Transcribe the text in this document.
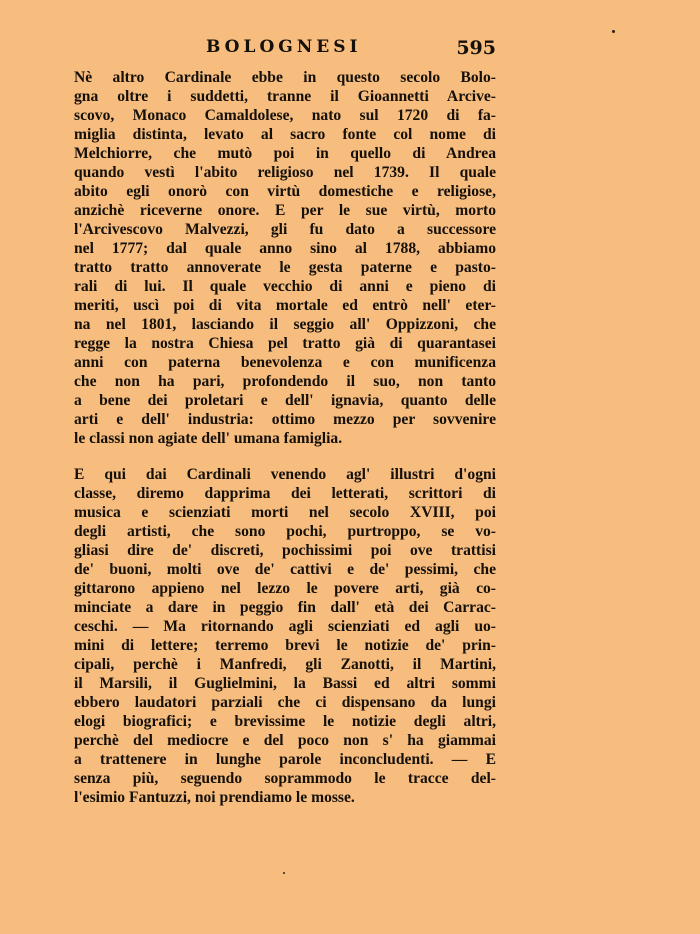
BOLOGNESI	595

Nè altro Cardinale ebbe in questo secolo Bolo-
gna oltre i suddetti, tranne il Gioannetti Arcive-
scovo, Monaco Camaldolese, nato sul 1720 di fa-
miglia distinta, levato al sacro fonte col nome di
Melchiorre, che mutò poi in quello di Andrea
quando vestì l'abito religioso nel 1739. Il quale
abito egli onorò con virtù domestiche e religiose,
anzichè riceverne onore. E per le sue virtù, morto
l'Arcivescovo Malvezzi, gli fu dato a successore
nel 1777; dal quale anno sino al 1788, abbiamo
tratto tratto annoverate le gesta paterne e pasto-
rali di lui. Il quale vecchio di anni e pieno di
meriti, uscì poi di vita mortale ed entrò nell' eter-
na nel 1801, lasciando il seggio all' Oppizzoni, che
regge la nostra Chiesa pel tratto già di quarantasei
anni con paterna benevolenza e con munificenza
che non ha pari, profondendo il suo, non tanto
a bene dei proletari e dell' ignavia, quanto delle
arti e dell' industria: ottimo mezzo per sovvenire
le classi non agiate dell' umana famiglia.

E qui dai Cardinali venendo agl' illustri d'ogni
classe, diremo dapprima dei letterati, scrittori di
musica e scienziati morti nel secolo XVIII, poi
degli artisti, che sono pochi, purtroppo, se vo-
gliasi dire de' discreti, pochissimi poi ove trattisi
de' buoni, molti ove de' cattivi e de' pessimi, che
gittarono appieno nel lezzo le povere arti, già co-
minciate a dare in peggio fin dall' età dei Carrac-
ceschi. — Ma ritornando agli scienziati ed agli uo-
mini di lettere; terremo brevi le notizie de' prin-
cipali, perchè i Manfredi, gli Zanotti, il Martini,
il Marsili, il Guglielmini, la Bassi ed altri sommi
ebbero laudatori parziali che ci dispensano da lungi
elogi biografici; e brevissime le notizie degli altri,
perchè del mediocre e del poco non s' ha giammai
a trattenere in lunghe parole inconcludenti. — E
senza più, seguendo soprammodo le tracce del-
l'esimio Fantuzzi, noi prendiamo le mosse.
